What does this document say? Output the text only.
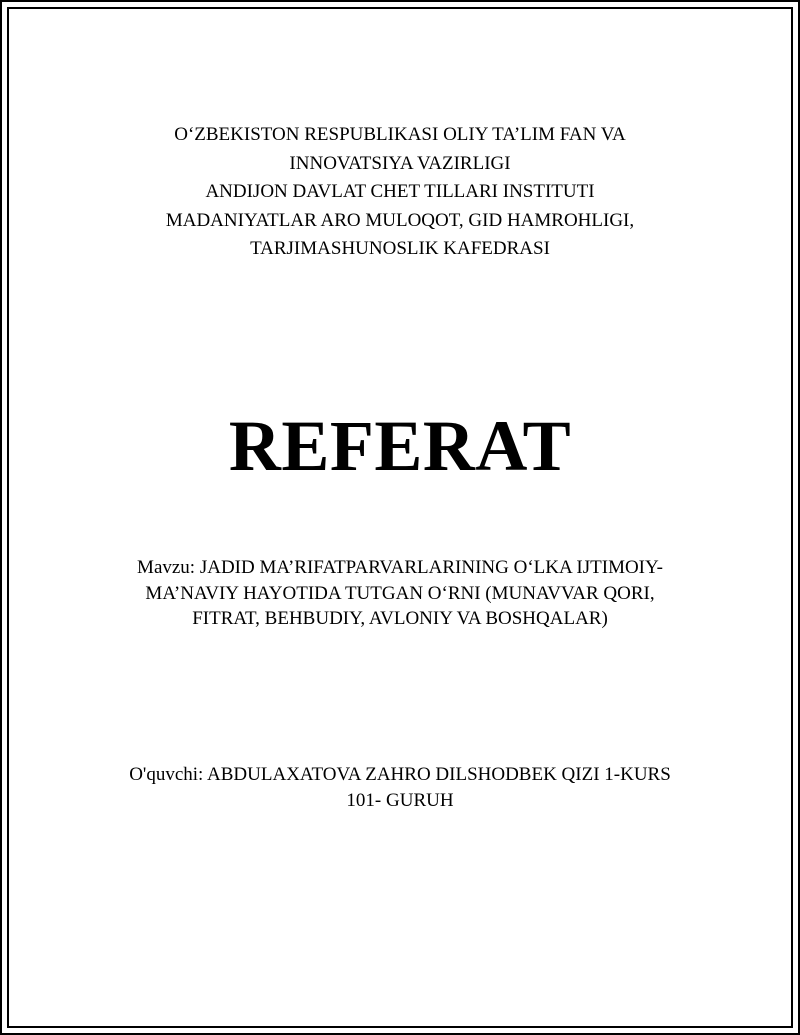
O‘ZBEKISTON RESPUBLIKASI OLIY TA’LIM FAN VA
INNOVATSIYA VAZIRLIGI
ANDIJON DAVLAT CHET TILLARI INSTITUTI
MADANIYATLAR ARO MULOQOT, GID HAMROHLIGI,
TARJIMASHUNOSLIK KAFEDRASI
REFERAT
Mavzu: JADID MA’RIFATPARVARLARINING O‘LKA IJTIMOIY-
MA’NAVIY HAYOTIDA TUTGAN O‘RNI (MUNAVVAR QORI,
FITRAT, BEHBUDIY, AVLONIY VA BOSHQALAR)
O'quvchi: ABDULAXATOVA ZAHRO DILSHODBEK QIZI 1-KURS
101- GURUH
